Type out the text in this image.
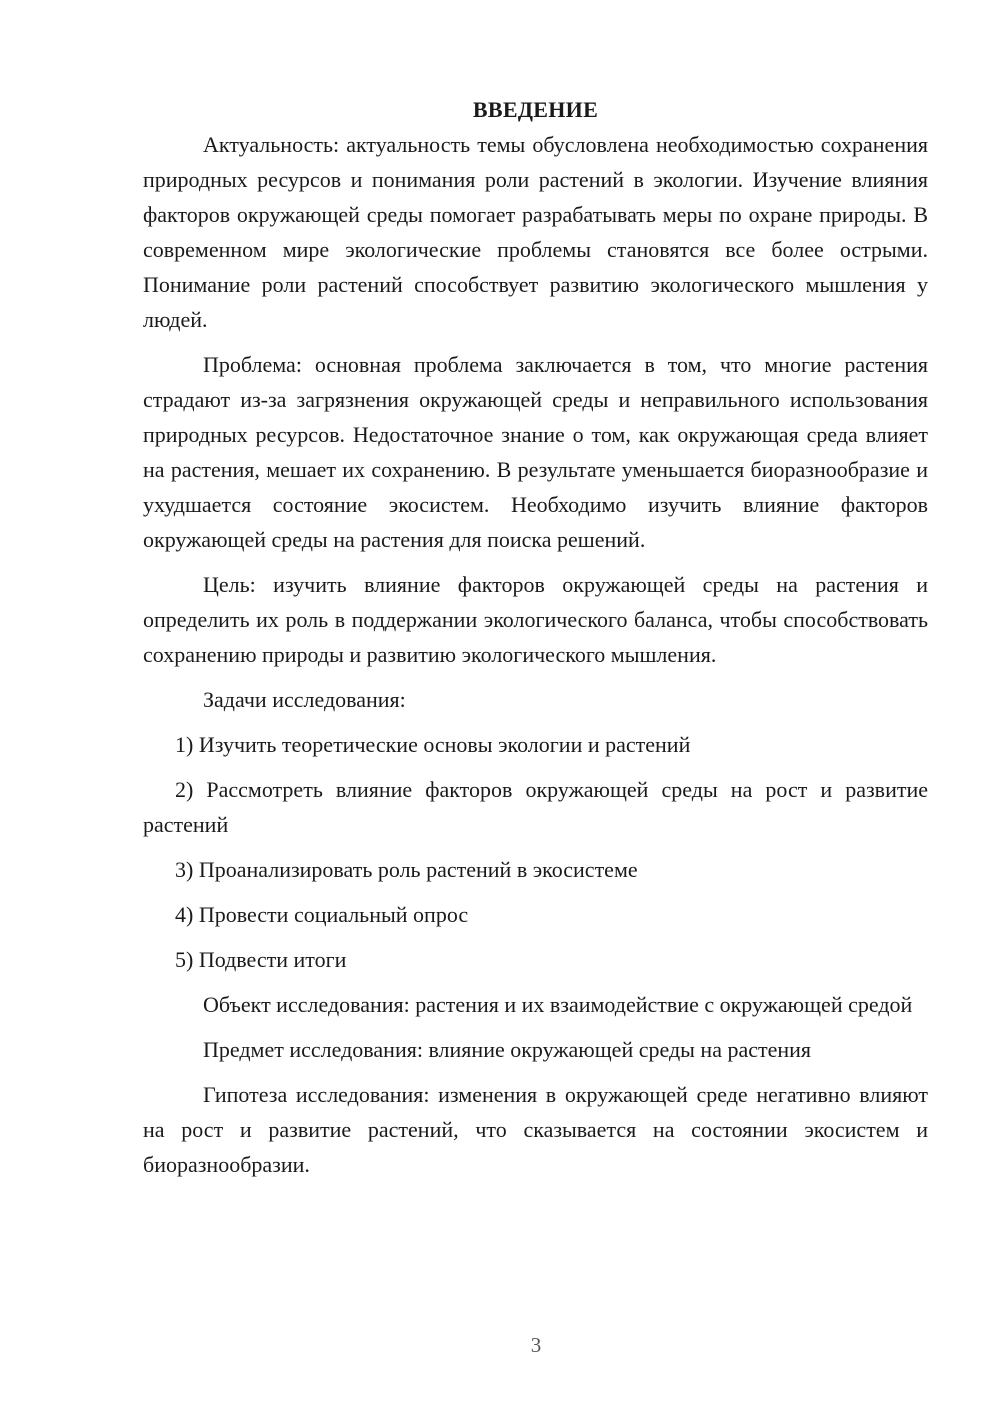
ВВЕДЕНИЕ

Актуальность: актуальность темы обусловлена необходимостью сохранения природных ресурсов и понимания роли растений в экологии. Изучение влияния факторов окружающей среды помогает разрабатывать меры по охране природы. В современном мире экологические проблемы становятся все более острыми. Понимание роли растений способствует развитию экологического мышления у людей.

Проблема: основная проблема заключается в том, что многие растения страдают из-за загрязнения окружающей среды и неправильного использования природных ресурсов. Недостаточное знание о том, как окружающая среда влияет на растения, мешает их сохранению. В результате уменьшается биоразнообразие и ухудшается состояние экосистем. Необходимо изучить влияние факторов окружающей среды на растения для поиска решений.

Цель: изучить влияние факторов окружающей среды на растения и определить их роль в поддержании экологического баланса, чтобы способствовать сохранению природы и развитию экологического мышления.

Задачи исследования:

1) Изучить теоретические основы экологии и растений

2) Рассмотреть влияние факторов окружающей среды на рост и развитие растений

3) Проанализировать роль растений в экосистеме

4) Провести социальный опрос

5) Подвести итоги

Объект исследования: растения и их взаимодействие с окружающей средой

Предмет исследования: влияние окружающей среды на растения

Гипотеза исследования: изменения в окружающей среде негативно влияют на рост и развитие растений, что сказывается на состоянии экосистем и биоразнообразии.

3
